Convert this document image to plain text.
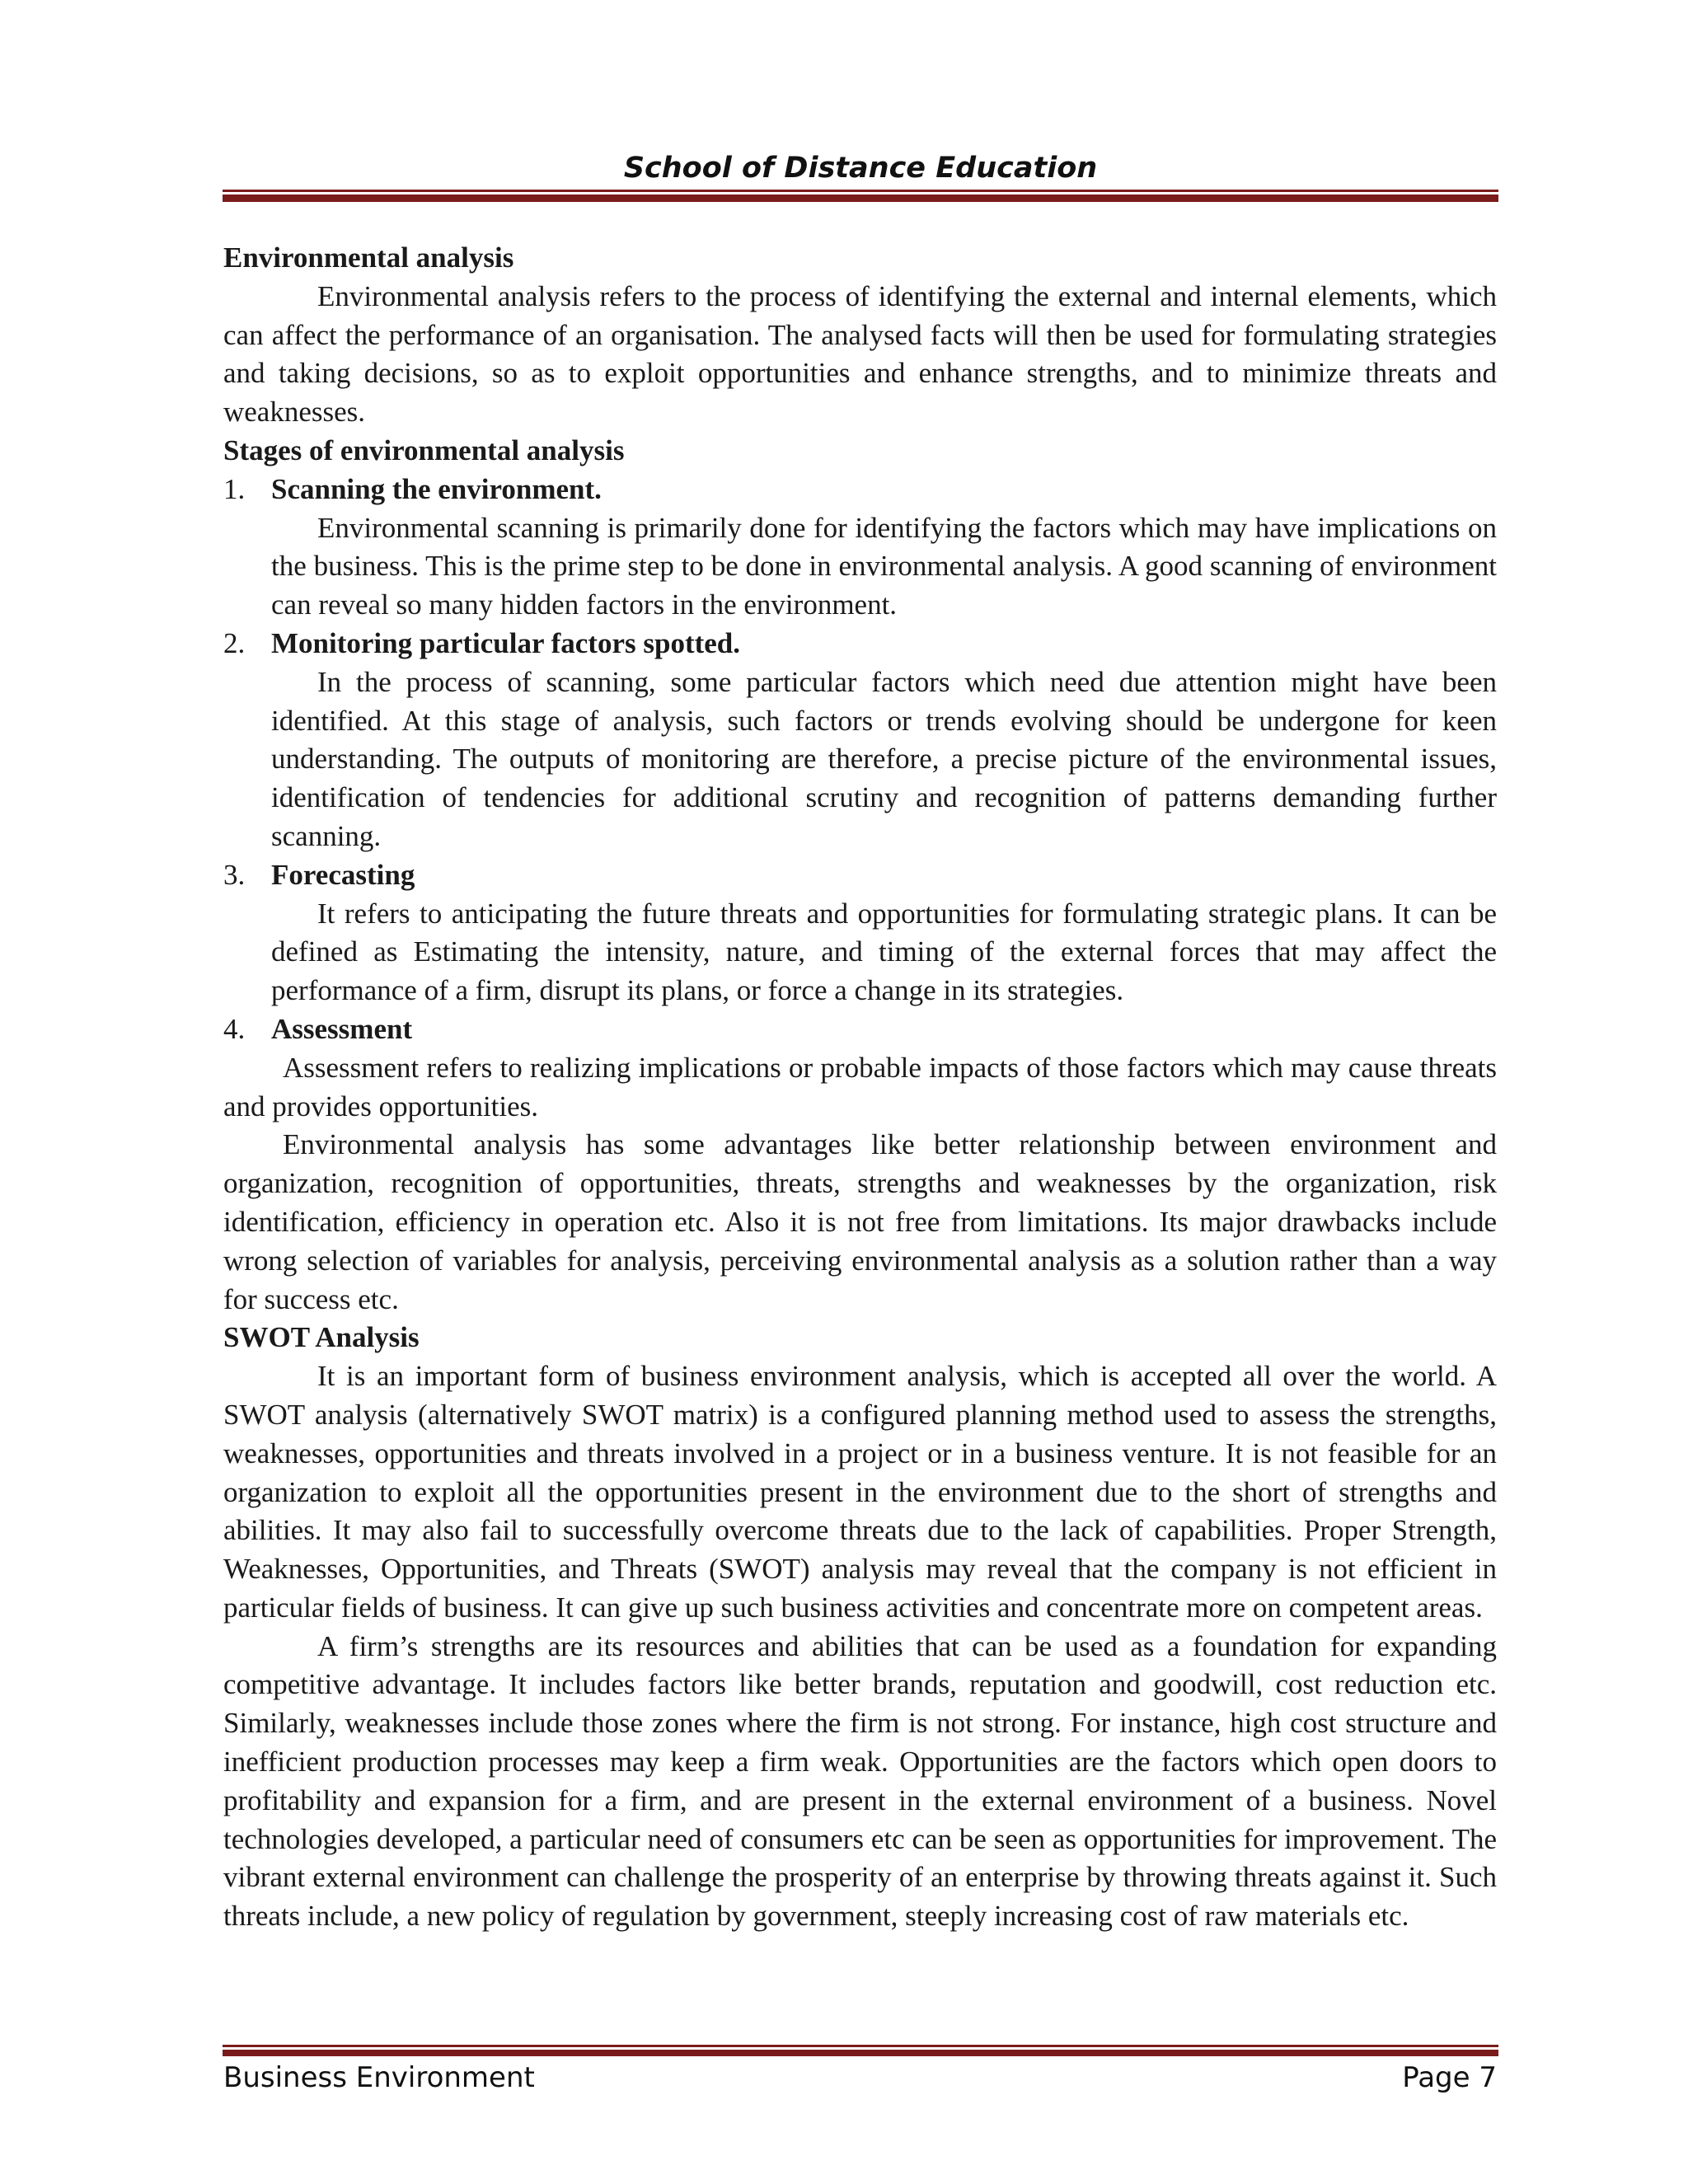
School of Distance Education

Environmental analysis

Environmental analysis refers to the process of identifying the external and internal elements, which can affect the performance of an organisation. The analysed facts will then be used for formulating strategies and taking decisions, so as to exploit opportunities and enhance strengths, and to minimize threats and weaknesses.

Stages of environmental analysis

1. Scanning the environment.

Environmental scanning is primarily done for identifying the factors which may have implications on the business. This is the prime step to be done in environmental analysis. A good scanning of environment can reveal so many hidden factors in the environment.

2. Monitoring particular factors spotted.

In the process of scanning, some particular factors which need due attention might have been identified. At this stage of analysis, such factors or trends evolving should be undergone for keen understanding. The outputs of monitoring are therefore, a precise picture of the environmental issues, identification of tendencies for additional scrutiny and recognition of patterns demanding further scanning.

3. Forecasting

It refers to anticipating the future threats and opportunities for formulating strategic plans. It can be defined as Estimating the intensity, nature, and timing of the external forces that may affect the performance of a firm, disrupt its plans, or force a change in its strategies.

4. Assessment

Assessment refers to realizing implications or probable impacts of those factors which may cause threats and provides opportunities.

Environmental analysis has some advantages like better relationship between environment and organization, recognition of opportunities, threats, strengths and weaknesses by the organization, risk identification, efficiency in operation etc. Also it is not free from limitations. Its major drawbacks include wrong selection of variables for analysis, perceiving environmental analysis as a solution rather than a way for success etc.

SWOT Analysis

It is an important form of business environment analysis, which is accepted all over the world. A SWOT analysis (alternatively SWOT matrix) is a configured planning method used to assess the strengths, weaknesses, opportunities and threats involved in a project or in a business venture. It is not feasible for an organization to exploit all the opportunities present in the environment due to the short of strengths and abilities. It may also fail to successfully overcome threats due to the lack of capabilities. Proper Strength, Weaknesses, Opportunities, and Threats (SWOT) analysis may reveal that the company is not efficient in particular fields of business. It can give up such business activities and concentrate more on competent areas.

A firm’s strengths are its resources and abilities that can be used as a foundation for expanding competitive advantage. It includes factors like better brands, reputation and goodwill, cost reduction etc. Similarly, weaknesses include those zones where the firm is not strong. For instance, high cost structure and inefficient production processes may keep a firm weak. Opportunities are the factors which open doors to profitability and expansion for a firm, and are present in the external environment of a business. Novel technologies developed, a particular need of consumers etc can be seen as opportunities for improvement. The vibrant external environment can challenge the prosperity of an enterprise by throwing threats against it. Such threats include, a new policy of regulation by government, steeply increasing cost of raw materials etc.

Business Environment	Page 7
